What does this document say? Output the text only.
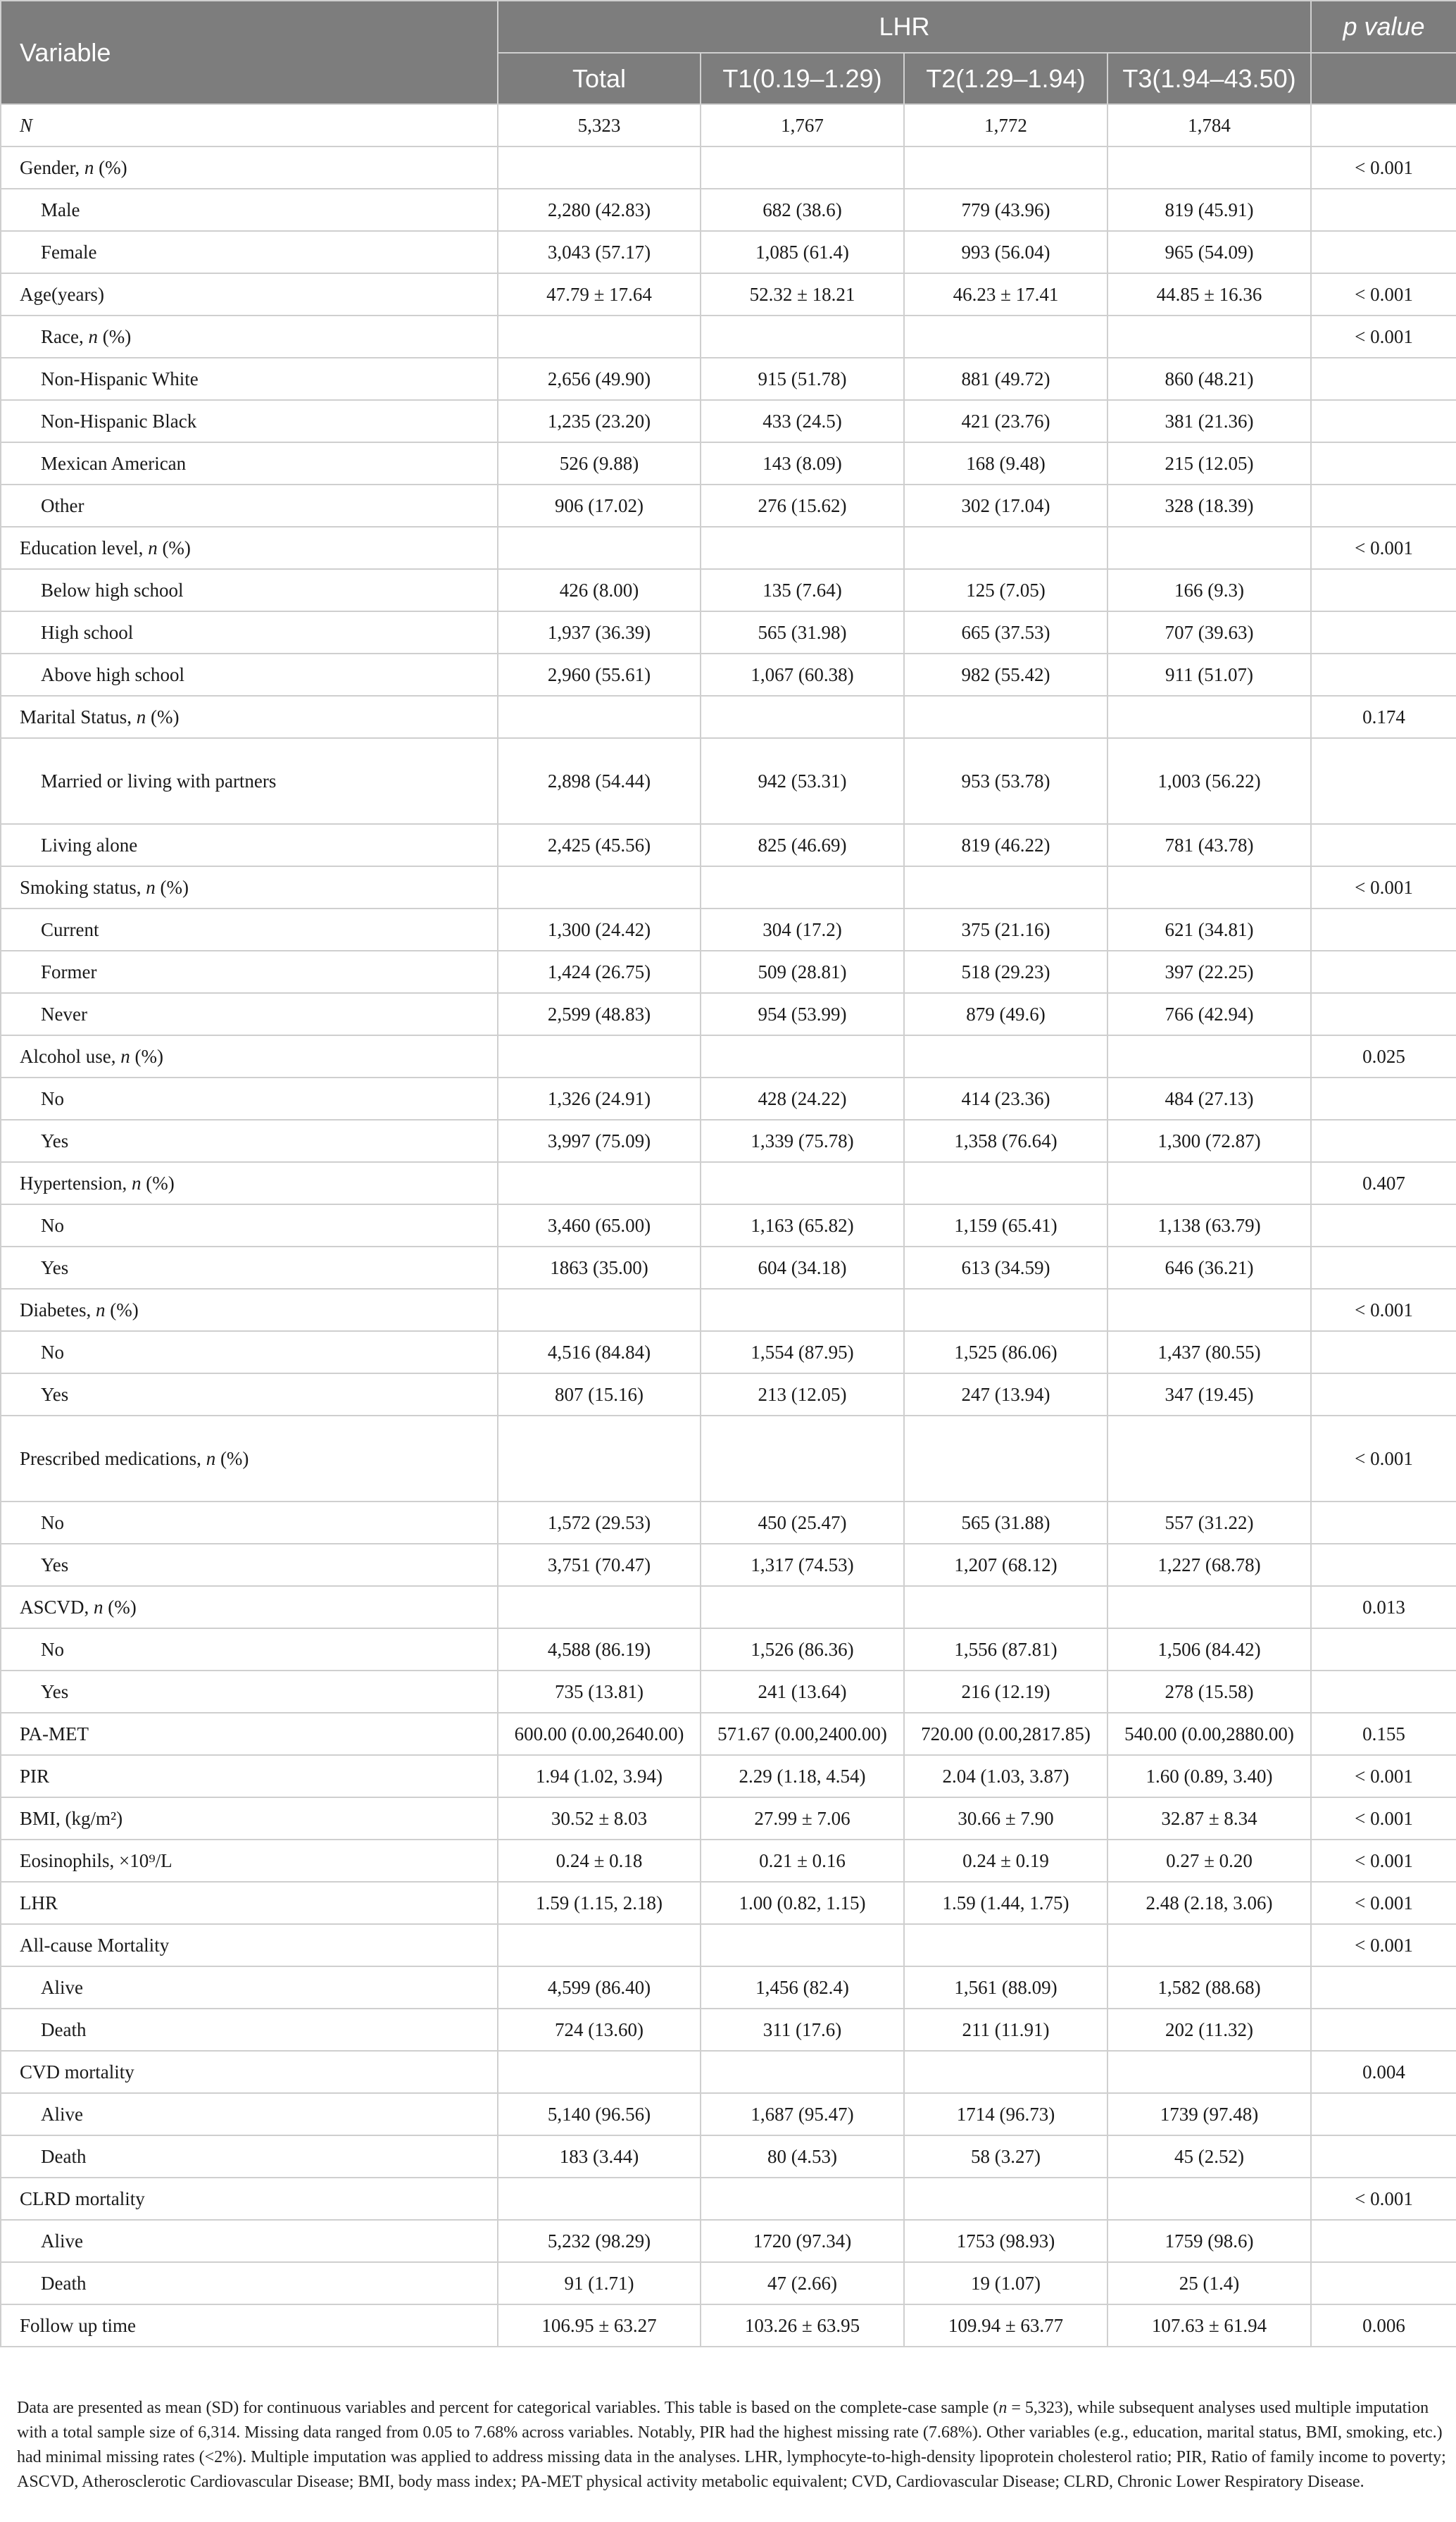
Variable	LHR				p value
	Total	T1(0.19–1.29)	T2(1.29–1.94)	T3(1.94–43.50)	
N	5,323	1,767	1,772	1,784	
Gender, n (%)					< 0.001
Male	2,280 (42.83)	682 (38.6)	779 (43.96)	819 (45.91)	
Female	3,043 (57.17)	1,085 (61.4)	993 (56.04)	965 (54.09)	
Age(years)	47.79 ± 17.64	52.32 ± 18.21	46.23 ± 17.41	44.85 ± 16.36	< 0.001
Race, n (%)					< 0.001
Non-Hispanic White	2,656 (49.90)	915 (51.78)	881 (49.72)	860 (48.21)	
Non-Hispanic Black	1,235 (23.20)	433 (24.5)	421 (23.76)	381 (21.36)	
Mexican American	526 (9.88)	143 (8.09)	168 (9.48)	215 (12.05)	
Other	906 (17.02)	276 (15.62)	302 (17.04)	328 (18.39)	
Education level, n (%)					< 0.001
Below high school	426 (8.00)	135 (7.64)	125 (7.05)	166 (9.3)	
High school	1,937 (36.39)	565 (31.98)	665 (37.53)	707 (39.63)	
Above high school	2,960 (55.61)	1,067 (60.38)	982 (55.42)	911 (51.07)	
Marital Status, n (%)					0.174
Married or living with partners	2,898 (54.44)	942 (53.31)	953 (53.78)	1,003 (56.22)	
Living alone	2,425 (45.56)	825 (46.69)	819 (46.22)	781 (43.78)	
Smoking status, n (%)					< 0.001
Current	1,300 (24.42)	304 (17.2)	375 (21.16)	621 (34.81)	
Former	1,424 (26.75)	509 (28.81)	518 (29.23)	397 (22.25)	
Never	2,599 (48.83)	954 (53.99)	879 (49.6)	766 (42.94)	
Alcohol use, n (%)					0.025
No	1,326 (24.91)	428 (24.22)	414 (23.36)	484 (27.13)	
Yes	3,997 (75.09)	1,339 (75.78)	1,358 (76.64)	1,300 (72.87)	
Hypertension, n (%)					0.407
No	3,460 (65.00)	1,163 (65.82)	1,159 (65.41)	1,138 (63.79)	
Yes	1863 (35.00)	604 (34.18)	613 (34.59)	646 (36.21)	
Diabetes, n (%)					< 0.001
No	4,516 (84.84)	1,554 (87.95)	1,525 (86.06)	1,437 (80.55)	
Yes	807 (15.16)	213 (12.05)	247 (13.94)	347 (19.45)	
Prescribed medications, n (%)					< 0.001
No	1,572 (29.53)	450 (25.47)	565 (31.88)	557 (31.22)	
Yes	3,751 (70.47)	1,317 (74.53)	1,207 (68.12)	1,227 (68.78)	
ASCVD, n (%)					0.013
No	4,588 (86.19)	1,526 (86.36)	1,556 (87.81)	1,506 (84.42)	
Yes	735 (13.81)	241 (13.64)	216 (12.19)	278 (15.58)	
PA-MET	600.00 (0.00,2640.00)	571.67 (0.00,2400.00)	720.00 (0.00,2817.85)	540.00 (0.00,2880.00)	0.155
PIR	1.94 (1.02, 3.94)	2.29 (1.18, 4.54)	2.04 (1.03, 3.87)	1.60 (0.89, 3.40)	< 0.001
BMI, (kg/m²)	30.52 ± 8.03	27.99 ± 7.06	30.66 ± 7.90	32.87 ± 8.34	< 0.001
Eosinophils, ×10⁹/L	0.24 ± 0.18	0.21 ± 0.16	0.24 ± 0.19	0.27 ± 0.20	< 0.001
LHR	1.59 (1.15, 2.18)	1.00 (0.82, 1.15)	1.59 (1.44, 1.75)	2.48 (2.18, 3.06)	< 0.001
All-cause Mortality					< 0.001
Alive	4,599 (86.40)	1,456 (82.4)	1,561 (88.09)	1,582 (88.68)	
Death	724 (13.60)	311 (17.6)	211 (11.91)	202 (11.32)	
CVD mortality					0.004
Alive	5,140 (96.56)	1,687 (95.47)	1714 (96.73)	1739 (97.48)	
Death	183 (3.44)	80 (4.53)	58 (3.27)	45 (2.52)	
CLRD mortality					< 0.001
Alive	5,232 (98.29)	1720 (97.34)	1753 (98.93)	1759 (98.6)	
Death	91 (1.71)	47 (2.66)	19 (1.07)	25 (1.4)	
Follow up time	106.95 ± 63.27	103.26 ± 63.95	109.94 ± 63.77	107.63 ± 61.94	0.006
Data are presented as mean (SD) for continuous variables and percent for categorical variables. This table is based on the complete-case sample (n = 5,323), while subsequent analyses used multiple imputation with a total sample size of 6,314. Missing data ranged from 0.05 to 7.68% across variables. Notably, PIR had the highest missing rate (7.68%). Other variables (e.g., education, marital status, BMI, smoking, etc.) had minimal missing rates (<2%). Multiple imputation was applied to address missing data in the analyses. LHR, lymphocyte-to-high-density lipoprotein cholesterol ratio; PIR, Ratio of family income to poverty; ASCVD, Atherosclerotic Cardiovascular Disease; BMI, body mass index; PA-MET physical activity metabolic equivalent; CVD, Cardiovascular Disease; CLRD, Chronic Lower Respiratory Disease.
